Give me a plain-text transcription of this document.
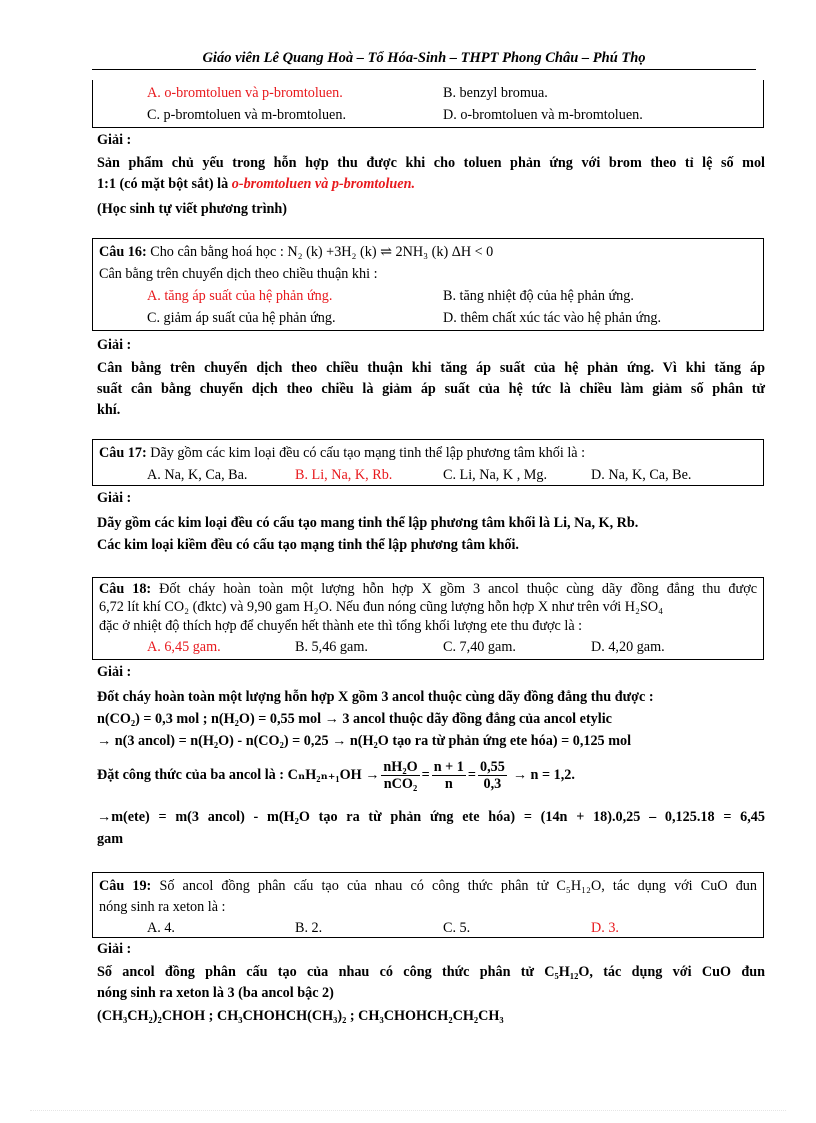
Giáo viên Lê Quang Hoà – Tổ Hóa-Sinh – THPT Phong Châu – Phú Thọ
A. o-bromtoluen và p-bromtoluen.	B. benzyl bromua.
C. p-bromtoluen và m-bromtoluen.	D. o-bromtoluen và m-bromtoluen.
Giải :
Sản phẩm chủ yếu trong hỗn hợp thu được khi cho toluen phản ứng với brom theo tỉ lệ số mol
1:1 (có mặt bột sắt) là o-bromtoluen và p-bromtoluen.
(Học sinh tự viết phương trình)
Câu 16: Cho cân bằng hoá học : N₂ (k) +3H₂ (k) ⇌ 2NH₃ (k) ΔH < 0
Cân bằng trên chuyển dịch theo chiều thuận khi :
A. tăng áp suất của hệ phản ứng.	B. tăng nhiệt độ của hệ phản ứng.
C. giảm áp suất của hệ phản ứng.	D. thêm chất xúc tác vào hệ phản ứng.
Giải :
Cân bằng trên chuyển dịch theo chiều thuận khi tăng áp suất của hệ phản ứng. Vì khi tăng áp
suất cân bằng chuyển dịch theo chiều là giảm áp suất của hệ tức là chiều làm giảm số phân tử
khí.
Câu 17: Dãy gồm các kim loại đều có cấu tạo mạng tinh thể lập phương tâm khối là :
A. Na, K, Ca, Ba.	B. Li, Na, K, Rb.	C. Li, Na, K , Mg.	D. Na, K, Ca, Be.
Giải :
Dãy gồm các kim loại đều có cấu tạo mang tinh thể lập phương tâm khối là Li, Na, K, Rb.
Các kim loại kiềm đều có cấu tạo mạng tinh thể lập phương tâm khối.
Câu 18: Đốt cháy hoàn toàn một lượng hỗn hợp X gồm 3 ancol thuộc cùng dãy đồng đẳng thu được
6,72 lít khí CO₂ (đktc) và 9,90 gam H₂O. Nếu đun nóng cũng lượng hỗn hợp X như trên với H₂SO₄
đặc ở nhiệt độ thích hợp để chuyển hết thành ete thì tổng khối lượng ete thu được là :
A. 6,45 gam.	B. 5,46 gam.	C. 7,40 gam.	D. 4,20 gam.
Giải :
Đốt cháy hoàn toàn một lượng hỗn hợp X gồm 3 ancol thuộc cùng dãy đồng đẳng thu được :
n(CO₂) = 0,3 mol ; n(H₂O) = 0,55 mol → 3 ancol thuộc dãy đồng đẳng của ancol etylic
→ n(3 ancol) = n(H₂O) - n(CO₂) = 0,25 → n(H₂O tạo ra từ phản ứng ete hóa) = 0,125 mol
Đặt công thức của ba ancol là : $C_nH_{2n+1}OH \to \frac{\text{nH₂O}}{\text{nCO₂}} = \frac{n + 1}{n} = \frac{0,55}{0,3} \to n = 1,2$.
→m(ete) = m(3 ancol) - m(H₂O tạo ra từ phản ứng ete hóa) = (14n + 18).0,25 – 0,125.18 = 6,45
gam
Câu 19: Số ancol đồng phân cấu tạo của nhau có công thức phân tử C₅H₁₂O, tác dụng với CuO đun
nóng sinh ra xeton là :
A. 4.	B. 2.	C. 5.	D. 3.
Giải :
Số ancol đồng phân cấu tạo của nhau có công thức phân tử C₅H₁₂O, tác dụng với CuO đun
nóng sinh ra xeton là 3 (ba ancol bậc 2)
(CH₃CH₂)₂CHOH ; CH₃CHOHCH(CH₃)₂ ; CH₃CHOHCH₂CH₂CH₃
